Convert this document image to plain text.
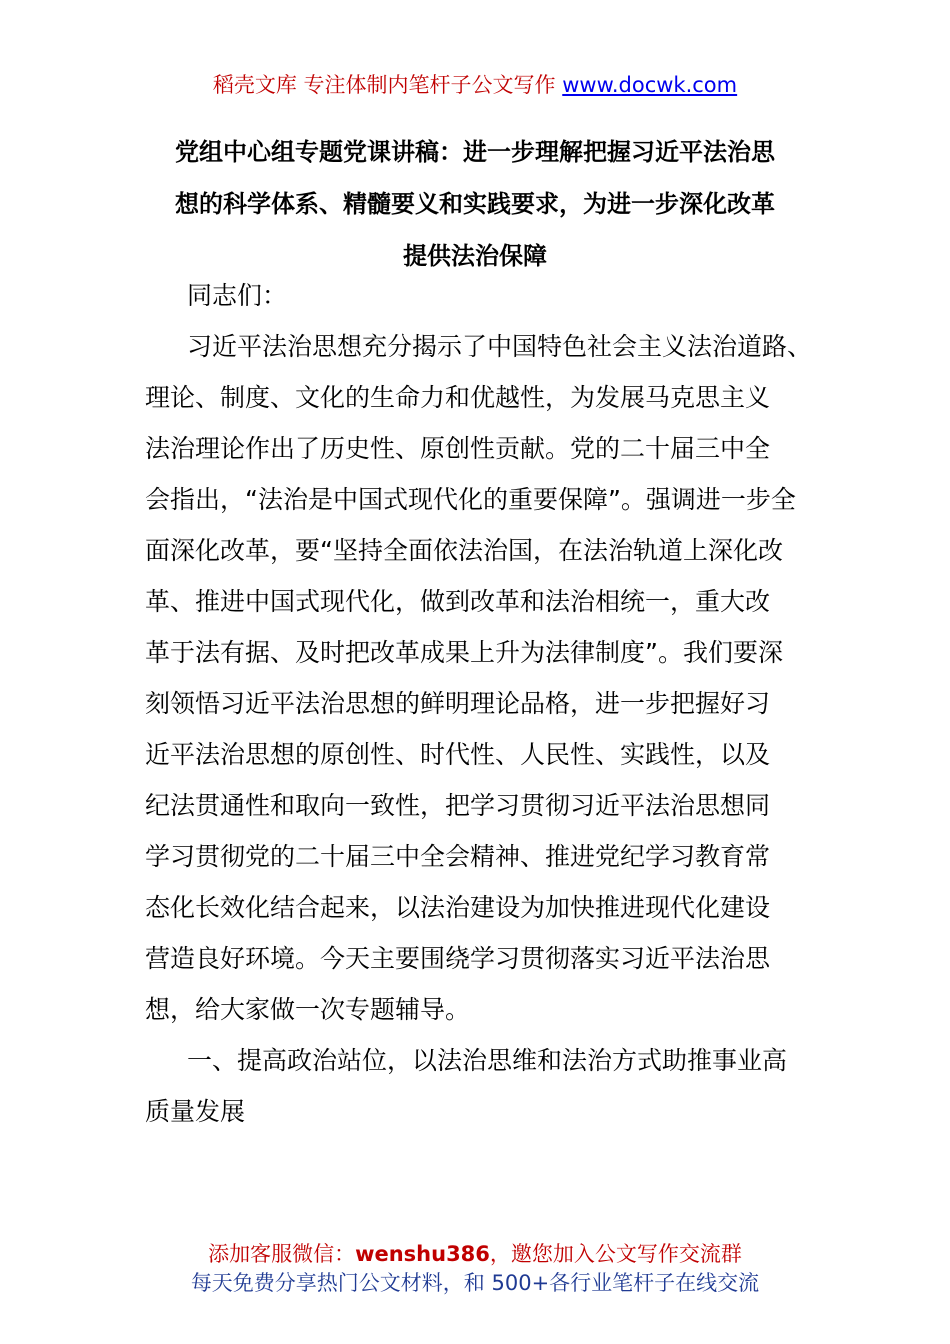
稻壳文库 专注体制内笔杆子公文写作 www.docwk.com
党组中心组专题党课讲稿：进一步理解把握习近平法治思
想的科学体系、精髓要义和实践要求，为进一步深化改革
提供法治保障
同志们：
习近平法治思想充分揭示了中国特色社会主义法治道路、
理论、制度、文化的生命力和优越性，为发展马克思主义
法治理论作出了历史性、原创性贡献。党的二十届三中全
会指出，“法治是中国式现代化的重要保障”。强调进一步全
面深化改革，要“坚持全面依法治国，在法治轨道上深化改
革、推进中国式现代化，做到改革和法治相统一，重大改
革于法有据、及时把改革成果上升为法律制度”。我们要深
刻领悟习近平法治思想的鲜明理论品格，进一步把握好习
近平法治思想的原创性、时代性、人民性、实践性，以及
纪法贯通性和取向一致性，把学习贯彻习近平法治思想同
学习贯彻党的二十届三中全会精神、推进党纪学习教育常
态化长效化结合起来，以法治建设为加快推进现代化建设
营造良好环境。今天主要围绕学习贯彻落实习近平法治思
想，给大家做一次专题辅导。
一、提高政治站位，以法治思维和法治方式助推事业高
质量发展
添加客服微信：wenshu386，邀您加入公文写作交流群
每天免费分享热门公文材料，和 500+各行业笔杆子在线交流
